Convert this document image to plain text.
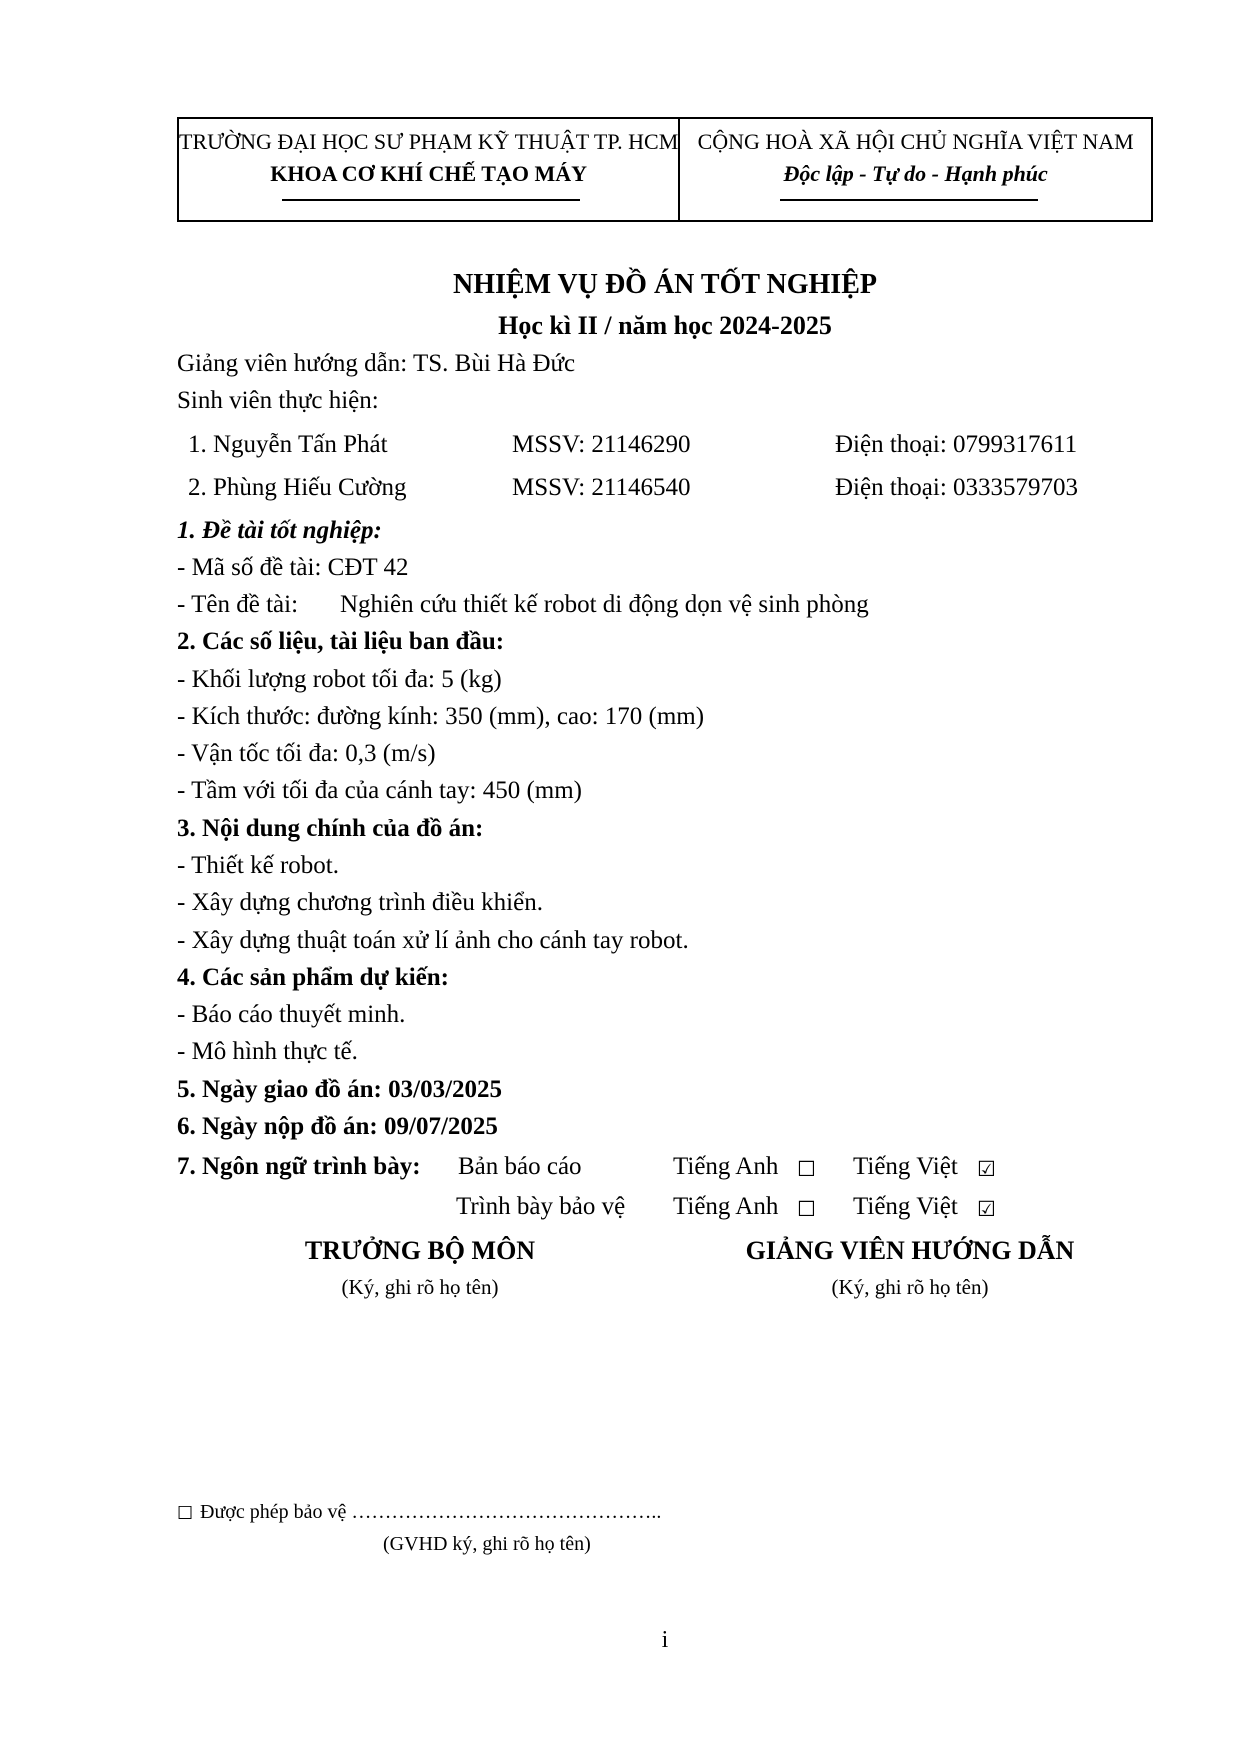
TRƯỜNG ĐẠI HỌC SƯ PHẠM KỸ THUẬT TP. HCM
KHOA CƠ KHÍ CHẾ TẠO MÁY
CỘNG HOÀ XÃ HỘI CHỦ NGHĨA VIỆT NAM
Độc lập - Tự do - Hạnh phúc
NHIỆM VỤ ĐỒ ÁN TỐT NGHIỆP
Học kì II / năm học 2024-2025
Giảng viên hướng dẫn: TS. Bùi Hà Đức
Sinh viên thực hiện:
1. Nguyễn Tấn Phát	MSSV: 21146290	Điện thoại: 0799317611
2. Phùng Hiếu Cường	MSSV: 21146540	Điện thoại: 0333579703
1. Đề tài tốt nghiệp:
- Mã số đề tài: CĐT 42
- Tên đề tài: Nghiên cứu thiết kế robot di động dọn vệ sinh phòng
2. Các số liệu, tài liệu ban đầu:
- Khối lượng robot tối đa: 5 (kg)
- Kích thước: đường kính: 350 (mm), cao: 170 (mm)
- Vận tốc tối đa: 0,3 (m/s)
- Tầm với tối đa của cánh tay: 450 (mm)
3. Nội dung chính của đồ án:
- Thiết kế robot.
- Xây dựng chương trình điều khiển.
- Xây dựng thuật toán xử lí ảnh cho cánh tay robot.
4. Các sản phẩm dự kiến:
- Báo cáo thuyết minh.
- Mô hình thực tế.
5. Ngày giao đồ án: 03/03/2025
6. Ngày nộp đồ án: 09/07/2025
7. Ngôn ngữ trình bày: Bản báo cáo	Tiếng Anh ☐ Tiếng Việt ☑
Trình bày bảo vệ Tiếng Anh ☐ Tiếng Việt ☑
TRƯỞNG BỘ MÔN
(Ký, ghi rõ họ tên)
GIẢNG VIÊN HƯỚNG DẪN
(Ký, ghi rõ họ tên)
☐ Được phép bảo vệ ………………………………………..
(GVHD ký, ghi rõ họ tên)
i
